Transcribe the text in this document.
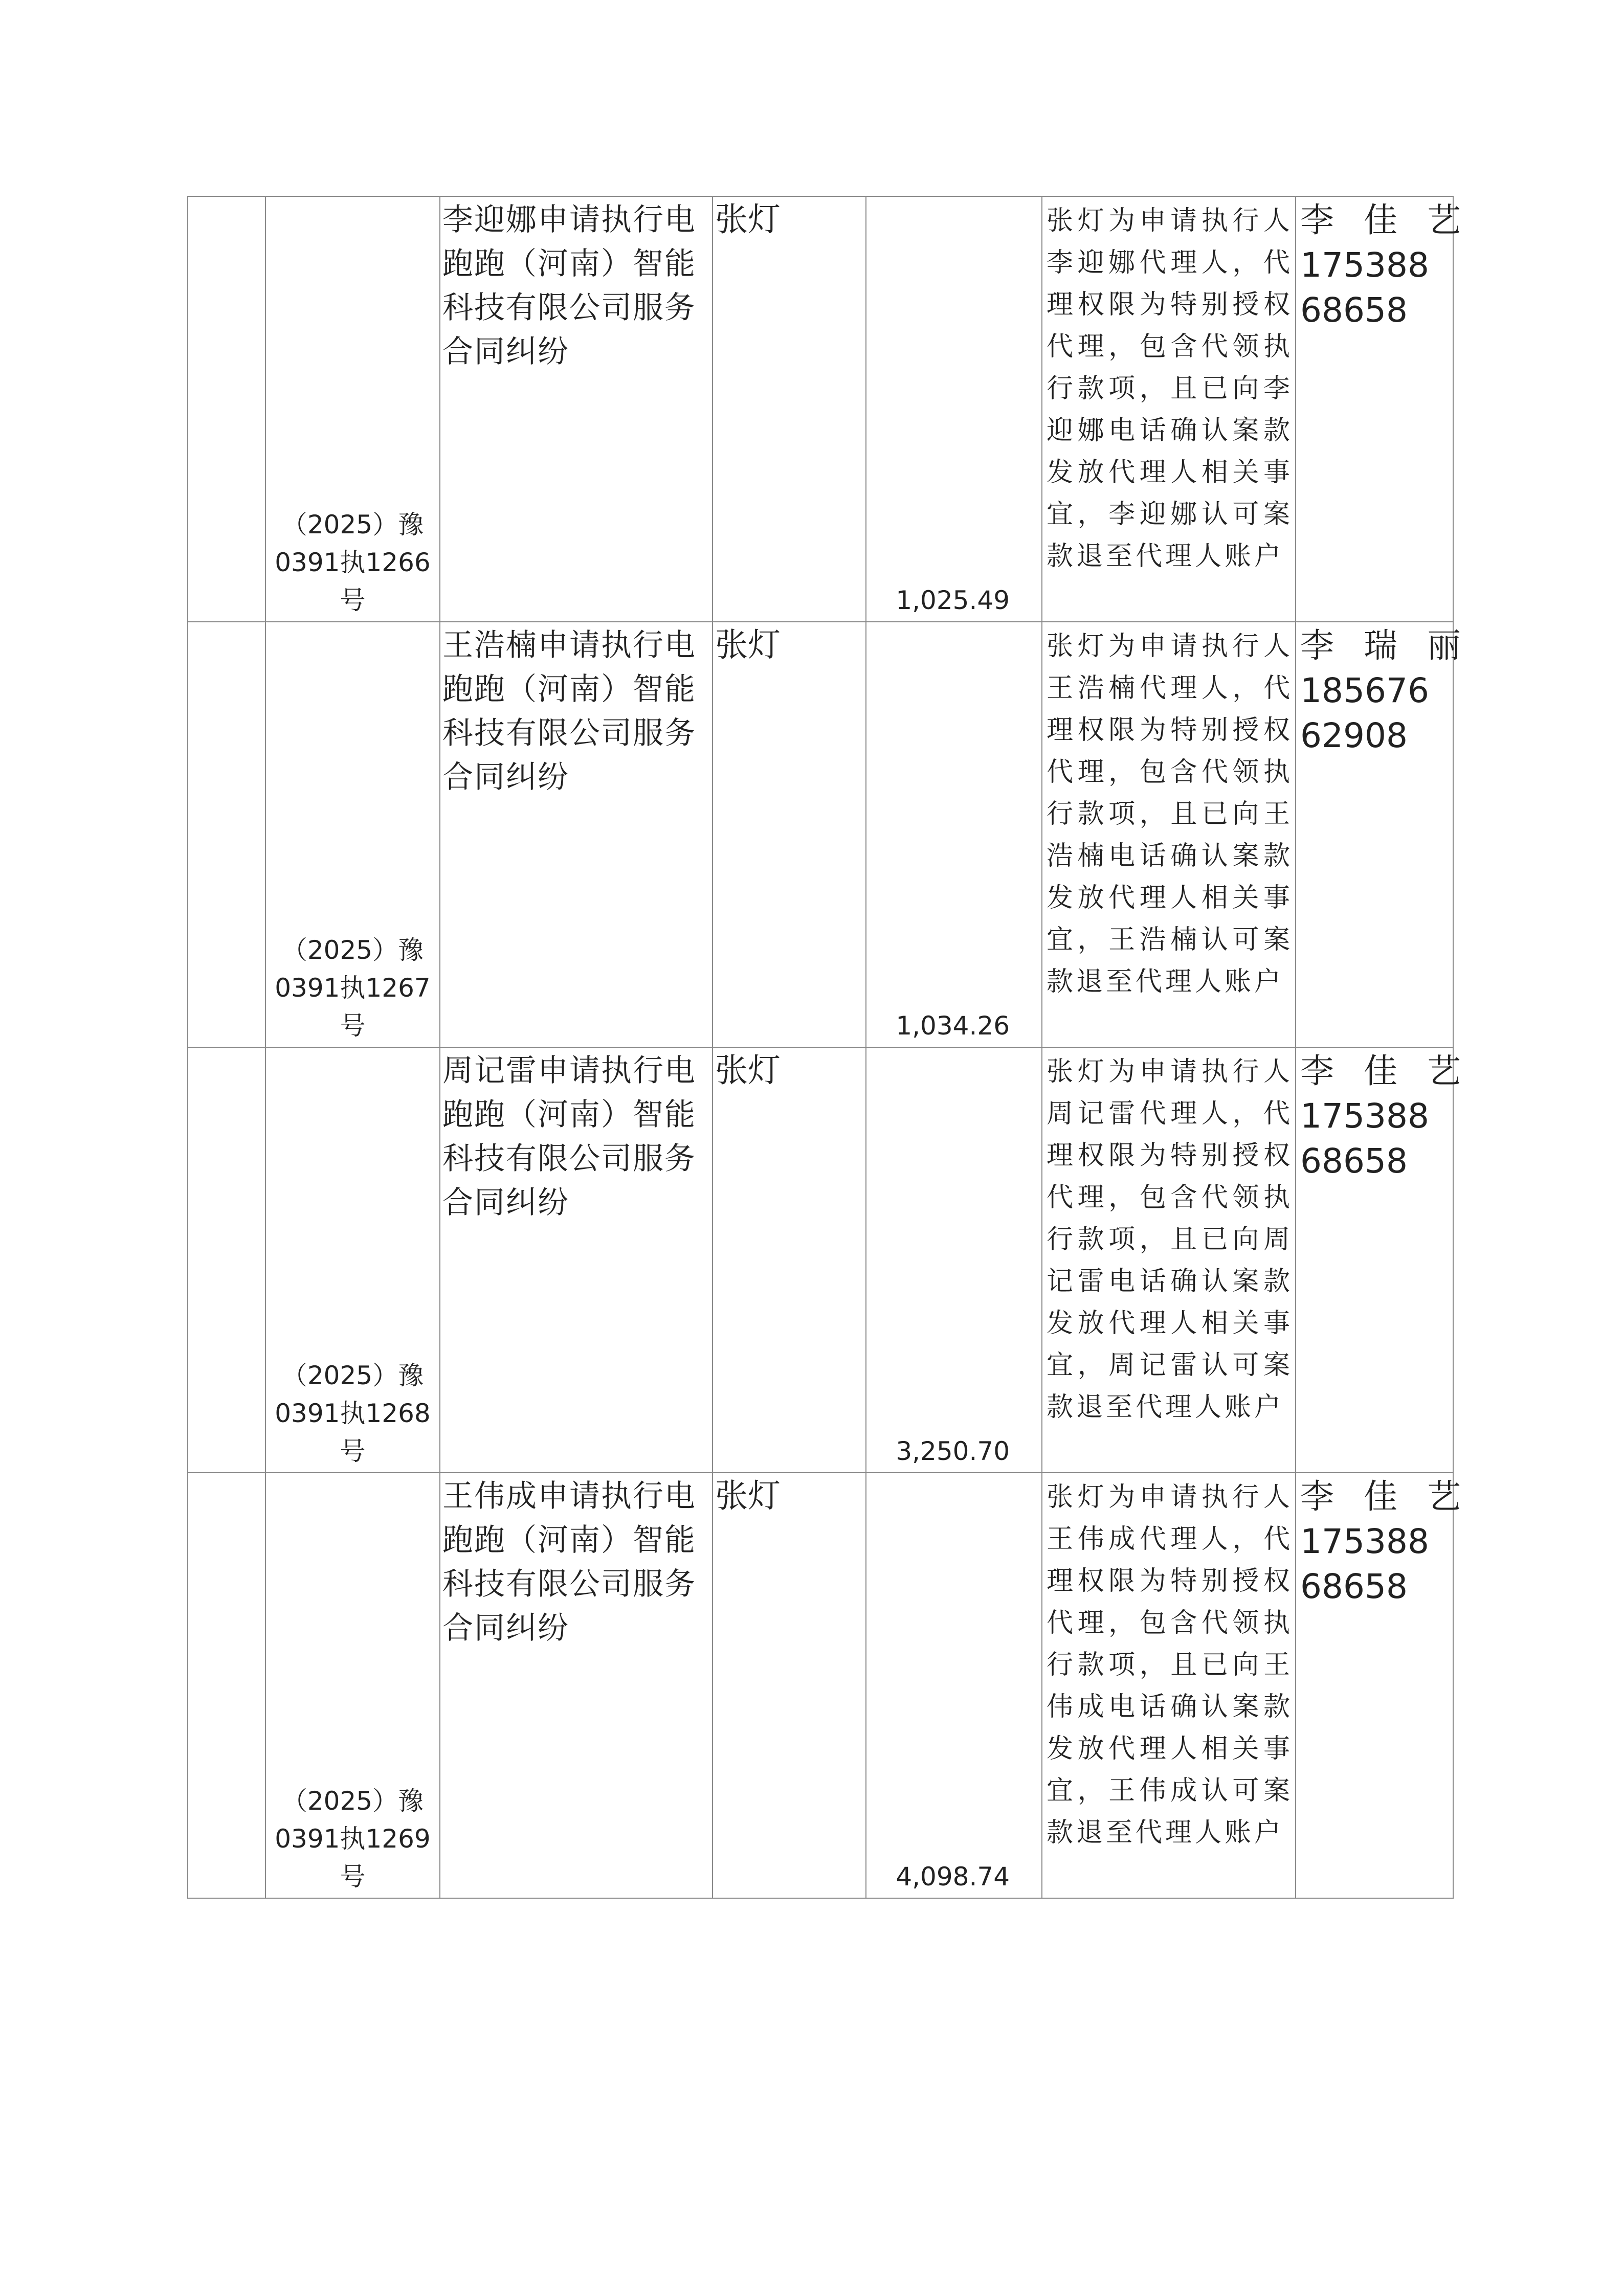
	（2025）豫0391执1266号	李迎娜申请执行电跑跑（河南）智能科技有限公司服务合同纠纷	张灯	1,025.49	张灯为申请执行人李迎娜代理人，代理权限为特别授权代理，包含代领执行款项，且已向李迎娜电话确认案款发放代理人相关事宜，李迎娜认可案款退至代理人账户	李佳艺
17538868658

	（2025）豫0391执1267号	王浩楠申请执行电跑跑（河南）智能科技有限公司服务合同纠纷	张灯	1,034.26	张灯为申请执行人王浩楠代理人，代理权限为特别授权代理，包含代领执行款项，且已向王浩楠电话确认案款发放代理人相关事宜，王浩楠认可案款退至代理人账户	李瑞丽
18567662908

	（2025）豫0391执1268号	周记雷申请执行电跑跑（河南）智能科技有限公司服务合同纠纷	张灯	3,250.70	张灯为申请执行人周记雷代理人，代理权限为特别授权代理，包含代领执行款项，且已向周记雷电话确认案款发放代理人相关事宜，周记雷认可案款退至代理人账户	李佳艺
17538868658

	（2025）豫0391执1269号	王伟成申请执行电跑跑（河南）智能科技有限公司服务合同纠纷	张灯	4,098.74	张灯为申请执行人王伟成代理人，代理权限为特别授权代理，包含代领执行款项，且已向王伟成电话确认案款发放代理人相关事宜，王伟成认可案款退至代理人账户	李佳艺
17538868658
